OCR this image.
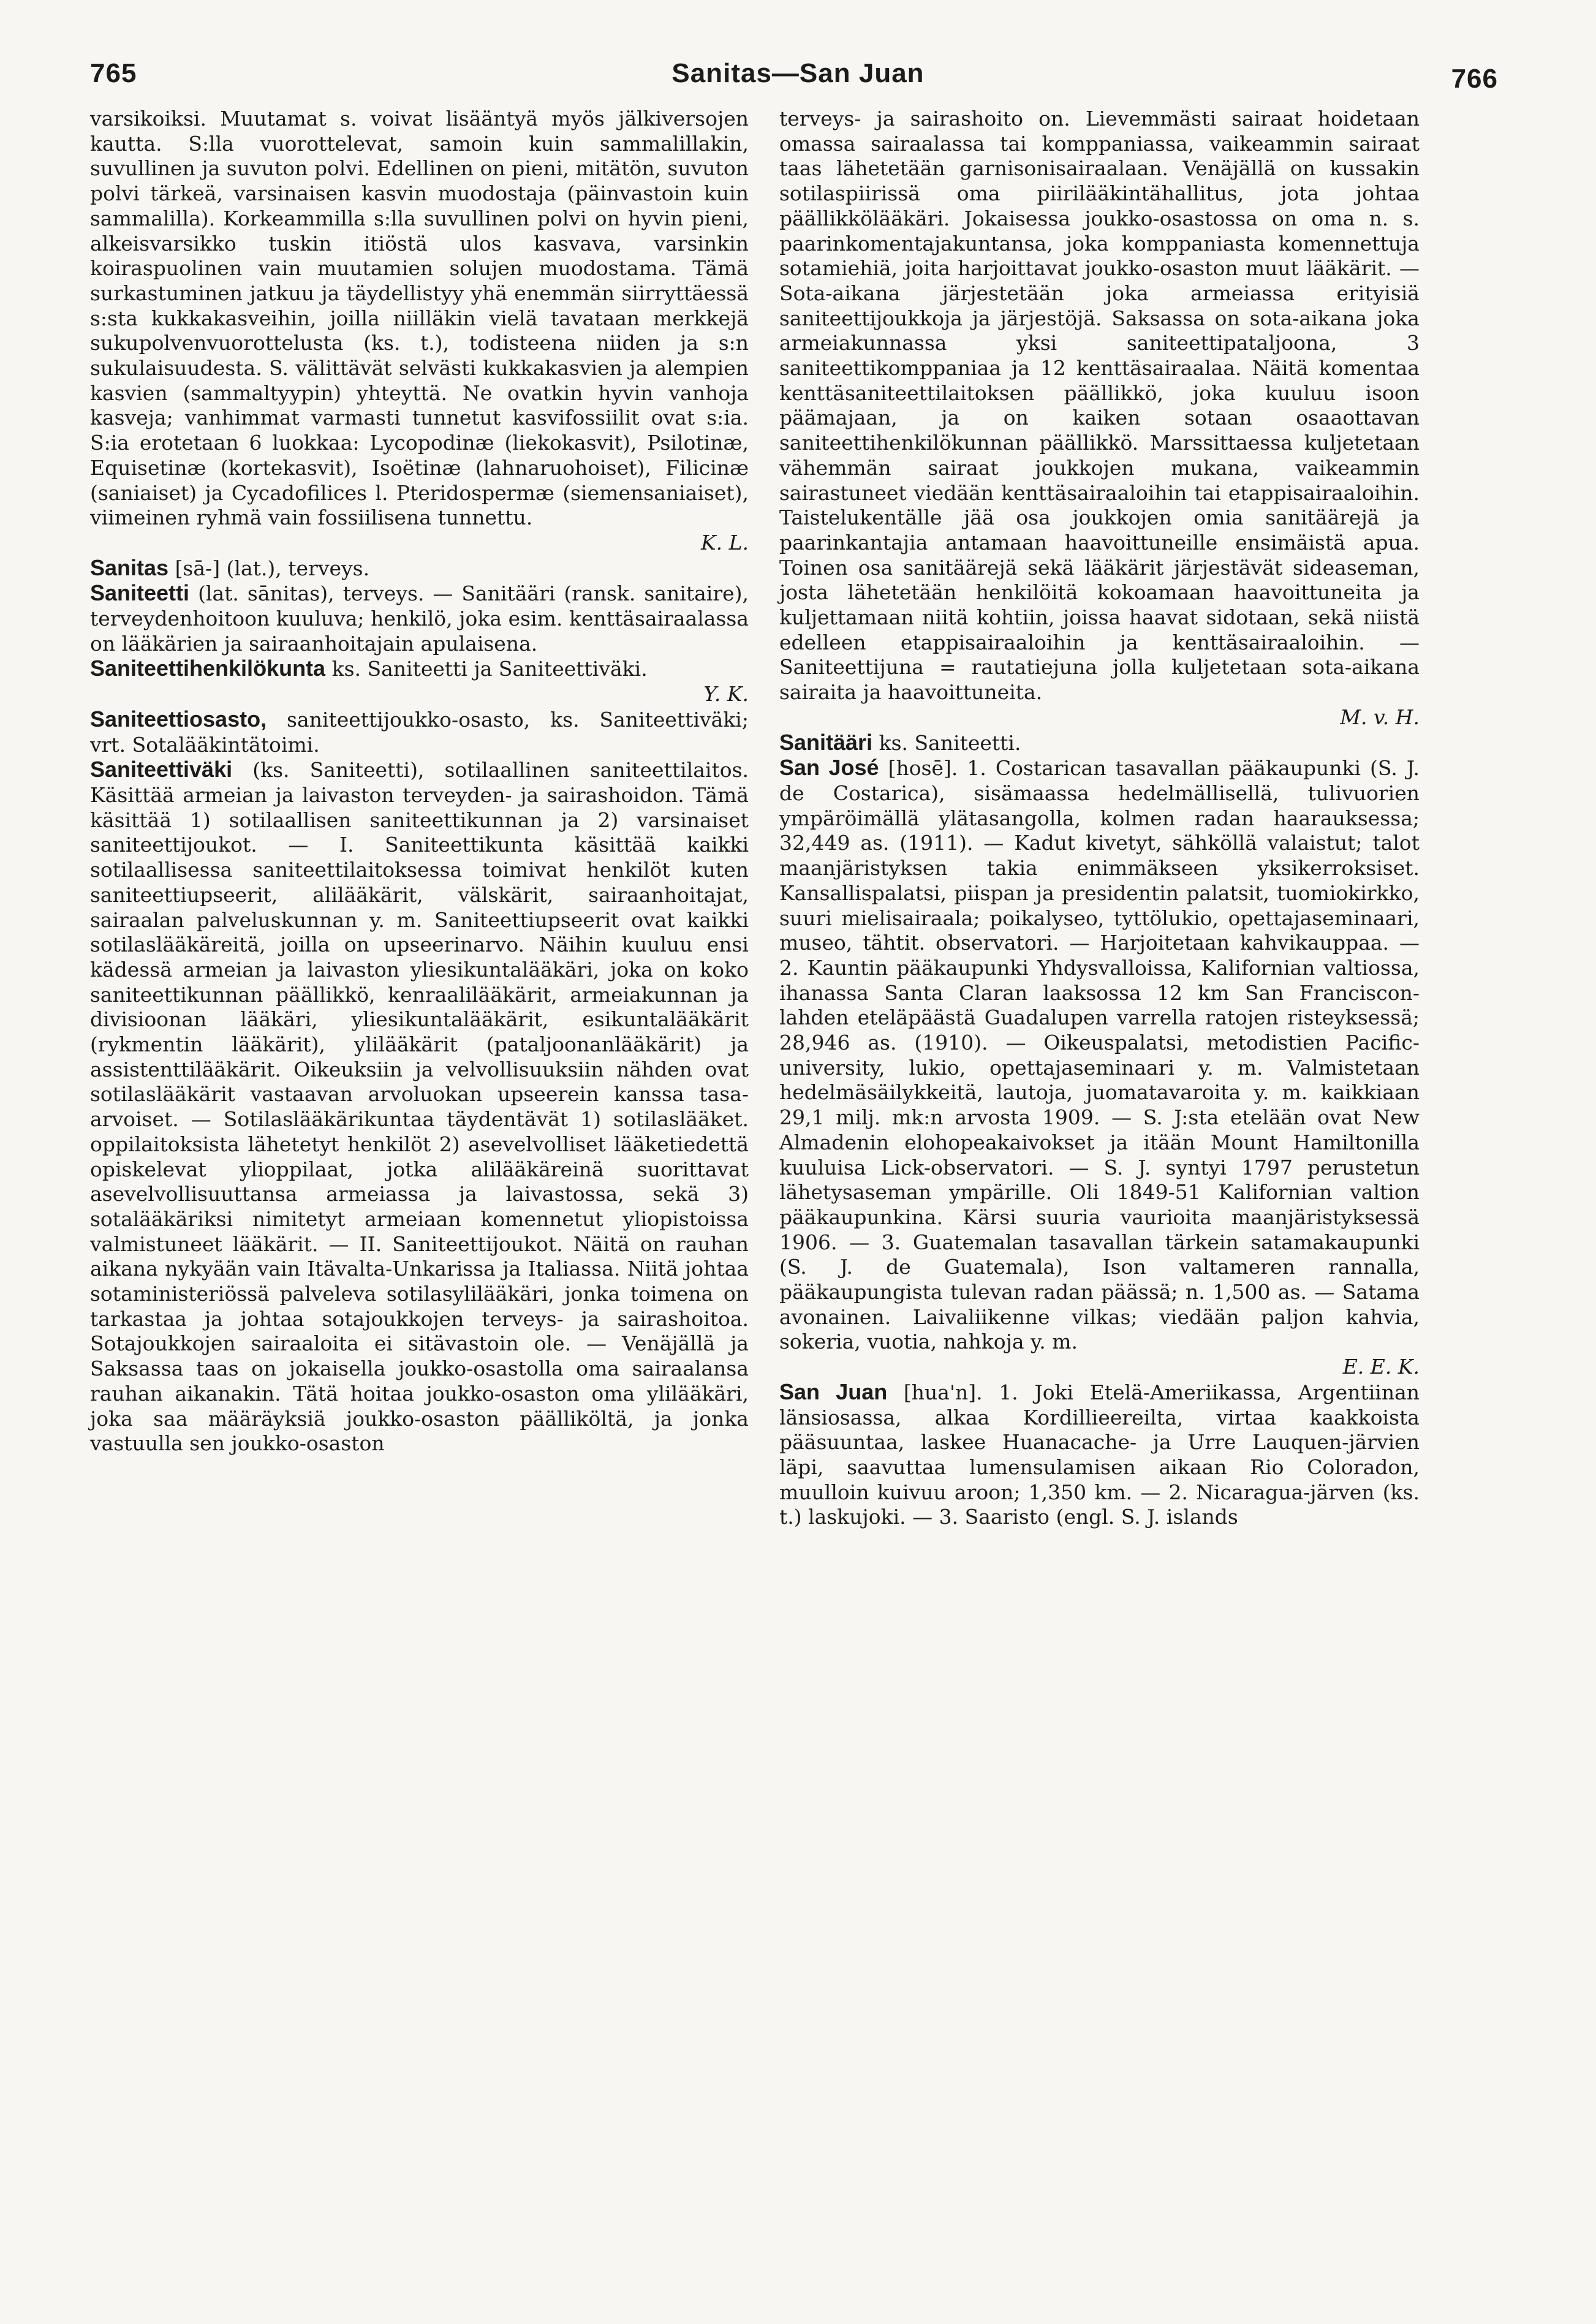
765	Sanitas—San Juan	766

varsikoiksi. Muutamat s. voivat lisääntyä myös jälkiversojen kautta. S:lla vuorottelevat, samoin kuin sammalillakin, suvullinen ja suvuton polvi. Edellinen on pieni, mitätön, suvuton polvi tärkeä, varsinaisen kasvin muodostaja (päinvastoin kuin sammalilla). Korkeammilla s:lla suvullinen polvi on hyvin pieni, alkeisvarsikko tuskin itiöstä ulos kasvava, varsinkin koiraspuolinen vain muutamien solujen muodostama. Tämä surkastuminen jatkuu ja täydellistyy yhä enemmän siirryttäessä s:sta kukkakasveihin, joilla niilläkin vielä tavataan merkkejä sukupolvenvuorottelusta (ks. t.), todisteena niiden ja s:n sukulaisuudesta. S. välittävät selvästi kukkakasvien ja alempien kasvien (sammaltyypin) yhteyttä. Ne ovatkin hyvin vanhoja kasveja; vanhimmat varmasti tunnetut kasvifossiilit ovat s:ia. S:ia erotetaan 6 luokkaa: Lycopodinæ (liekokasvit), Psilotinæ, Equisetinæ (kortekasvit), Isoëtinæ (lahnaruohoiset), Filicinæ (saniaiset) ja Cycadofilices l. Pteridospermæ (siemensaniaiset), viimeinen ryhmä vain fossiilisena tunnettu.

K. L.

Sanitas [sā-] (lat.), terveys.

Saniteetti (lat. sānitas), terveys. — Sanitääri (ransk. sanitaire), terveydenhoitoon kuuluva; henkilö, joka esim. kenttäsairaalassa on lääkärien ja sairaanhoitajain apulaisena.

Saniteettihenkilökunta ks. Saniteetti ja Saniteettiväki.

Y. K.

Saniteettiosasto, saniteettijoukko-osasto, ks. Saniteettiväki; vrt. Sotalääkintätoimi.

Saniteettiväki (ks. Saniteetti), sotilaallinen saniteettilaitos. Käsittää armeian ja laivaston terveyden- ja sairashoidon. Tämä käsittää 1) sotilaallisen saniteettikunnan ja 2) varsinaiset saniteettijoukot. — I. Saniteettikunta käsittää kaikki sotilaallisessa saniteettilaitoksessa toimivat henkilöt kuten saniteettiupseerit, alilääkärit, välskärit, sairaanhoitajat, sairaalan palveluskunnan y. m. Saniteettiupseerit ovat kaikki sotilaslääkäreitä, joilla on upseerinarvo. Näihin kuuluu ensi kädessä armeian ja laivaston yliesikuntalääkäri, joka on koko saniteettikunnan päällikkö, kenraalilääkärit, armeiakunnan ja divisioonan lääkäri, yliesikuntalääkärit, esikuntalääkärit (rykmentin lääkärit), ylilääkärit (pataljoonanlääkärit) ja assistenttilääkärit. Oikeuksiin ja velvollisuuksiin nähden ovat sotilaslääkärit vastaavan arvoluokan upseerein kanssa tasa-arvoiset. — Sotilaslääkärikuntaa täydentävät 1) sotilaslääket. oppilaitoksista lähetetyt henkilöt 2) asevelvolliset lääketiedettä opiskelevat ylioppilaat, jotka alilääkäreinä suorittavat asevelvollisuuttansa armeiassa ja laivastossa, sekä 3) sotalääkäriksi nimitetyt armeiaan komennetut yliopistoissa valmistuneet lääkärit. — II. Saniteettijoukot. Näitä on rauhan aikana nykyään vain Itävalta-Unkarissa ja Italiassa. Niitä johtaa sotaministeriössä palveleva sotilasylilääkäri, jonka toimena on tarkastaa ja johtaa sotajoukkojen terveys- ja sairashoitoa. Sotajoukkojen sairaaloita ei sitävastoin ole. — Venäjällä ja Saksassa taas on jokaisella joukko-osastolla oma sairaalansa rauhan aikanakin. Tätä hoitaa joukko-osaston oma ylilääkäri, joka saa määräyksiä joukko-osaston päälliköltä, ja jonka vastuulla sen joukko-osaston

terveys- ja sairashoito on. Lievemmästi sairaat hoidetaan omassa sairaalassa tai komppaniassa, vaikeammin sairaat taas lähetetään garnisonisairaalaan. Venäjällä on kussakin sotilaspiirissä oma piirilääkintähallitus, jota johtaa päällikkölääkäri. Jokaisessa joukko-osastossa on oma n. s. paarinkomentajakuntansa, joka komppaniasta komennettuja sotamiehiä, joita harjoittavat joukko-osaston muut lääkärit. — Sota-aikana järjestetään joka armeiassa erityisiä saniteettijoukkoja ja järjestöjä. Saksassa on sota-aikana joka armeiakunnassa yksi saniteettipataljoona, 3 saniteettikomppaniaa ja 12 kenttäsairaalaa. Näitä komentaa kenttäsaniteettilaitoksen päällikkö, joka kuuluu isoon päämajaan, ja on kaiken sotaan osaaottavan saniteettihenkilökunnan päällikkö. Marssittaessa kuljetetaan vähemmän sairaat joukkojen mukana, vaikeammin sairastuneet viedään kenttäsairaaloihin tai etappisairaaloihin. Taistelukentälle jää osa joukkojen omia sanitäärejä ja paarinkantajia antamaan haavoittuneille ensimäistä apua. Toinen osa sanitäärejä sekä lääkärit järjestävät sideaseman, josta lähetetään henkilöitä kokoamaan haavoittuneita ja kuljettamaan niitä kohtiin, joissa haavat sidotaan, sekä niistä edelleen etappisairaaloihin ja kenttäsairaaloihin. — Saniteettijuna = rautatiejuna jolla kuljetetaan sota-aikana sairaita ja haavoittuneita.

M. v. H.

Sanitääri ks. Saniteetti.

San José [hosē]. 1. Costarican tasavallan pääkaupunki (S. J. de Costarica), sisämaassa hedelmällisellä, tulivuorien ympäröimällä ylätasangolla, kolmen radan haarauksessa; 32,449 as. (1911). — Kadut kivetyt, sähköllä valaistut; talot maanjäristyksen takia enimmäkseen yksikerroksiset. Kansallispalatsi, piispan ja presidentin palatsit, tuomiokirkko, suuri mielisairaala; poikalyseo, tyttölukio, opettajaseminaari, museo, tähtit. observatori. — Harjoitetaan kahvikauppaa. — 2. Kauntin pääkaupunki Yhdysvalloissa, Kalifornian valtiossa, ihanassa Santa Claran laaksossa 12 km San Franciscon-lahden eteläpäästä Guadalupen varrella ratojen risteyksessä; 28,946 as. (1910). — Oikeuspalatsi, metodistien Pacific-university, lukio, opettajaseminaari y. m. Valmistetaan hedelmäsäilykkeitä, lautoja, juomatavaroita y. m. kaikkiaan 29,1 milj. mk:n arvosta 1909. — S. J:sta etelään ovat New Almadenin elohopeakaivokset ja itään Mount Hamiltonilla kuuluisa Lick-observatori. — S. J. syntyi 1797 perustetun lähetysaseman ympärille. Oli 1849-51 Kalifornian valtion pääkaupunkina. Kärsi suuria vaurioita maanjäristyksessä 1906. — 3. Guatemalan tasavallan tärkein satamakaupunki (S. J. de Guatemala), Ison valtameren rannalla, pääkaupungista tulevan radan päässä; n. 1,500 as. — Satama avonainen. Laivaliikenne vilkas; viedään paljon kahvia, sokeria, vuotia, nahkoja y. m.

E. E. K.

San Juan [hua'n]. 1. Joki Etelä-Ameriikassa, Argentiinan länsiosassa, alkaa Kordillieereilta, virtaa kaakkoista pääsuuntaa, laskee Huanacache- ja Urre Lauquen-järvien läpi, saavuttaa lumensulamisen aikaan Rio Coloradon, muulloin kuivuu aroon; 1,350 km. — 2. Nicaragua-järven (ks. t.) laskujoki. — 3. Saaristo (engl. S. J. islands
